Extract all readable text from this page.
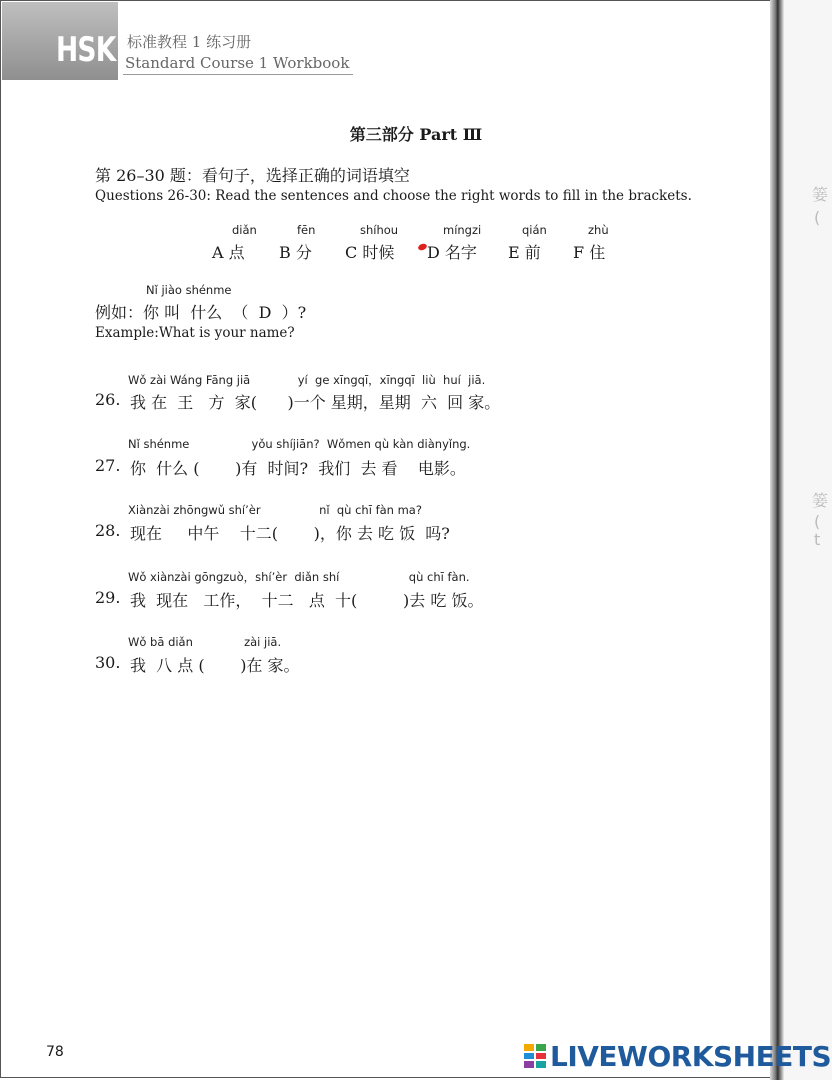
䈉
(
䈉
(
t
HSK 标准教程 1 练习册
Standard Course 1 Workbook
第三部分 Part Ⅲ
第 26–30 题：看句子，选择正确的词语填空
Questions 26-30: Read the sentences and choose the right words to fill in the brackets.
diǎn
A 点
fēn
B 分
shíhou
C 时候
míngzi
D 名字
qián
E 前
zhù
F 住
Nǐ jiào shénme
例如：你 叫  什么  （  D  ）?
Example:What is your name?
Wǒ zài Wáng Fāng jiā             yí  ge xīngqī，xīngqī  liù  huí  jiā.
26. 我 在  王   方  家(      )一个 星期，星期  六  回 家。
Nǐ shénme                 yǒu shíjiān?  Wǒmen qù kàn diànyǐng.
27. 你  什么 (       )有  时间?  我们  去 看    电影。
Xiànzài zhōngwǔ shí’èr                nǐ  qù chī fàn ma?
28. 现在     中午    十二(       )，你 去 吃 饭  吗?
Wǒ xiànzài gōngzuò，shí’èr  diǎn shí                   qù chī fàn.
29. 我  现在   工作，  十二   点  十(         )去 吃 饭。
Wǒ bā diǎn              zài jiā.
30. 我  八 点 (       )在 家。
78	LIVEWORKSHEETS
